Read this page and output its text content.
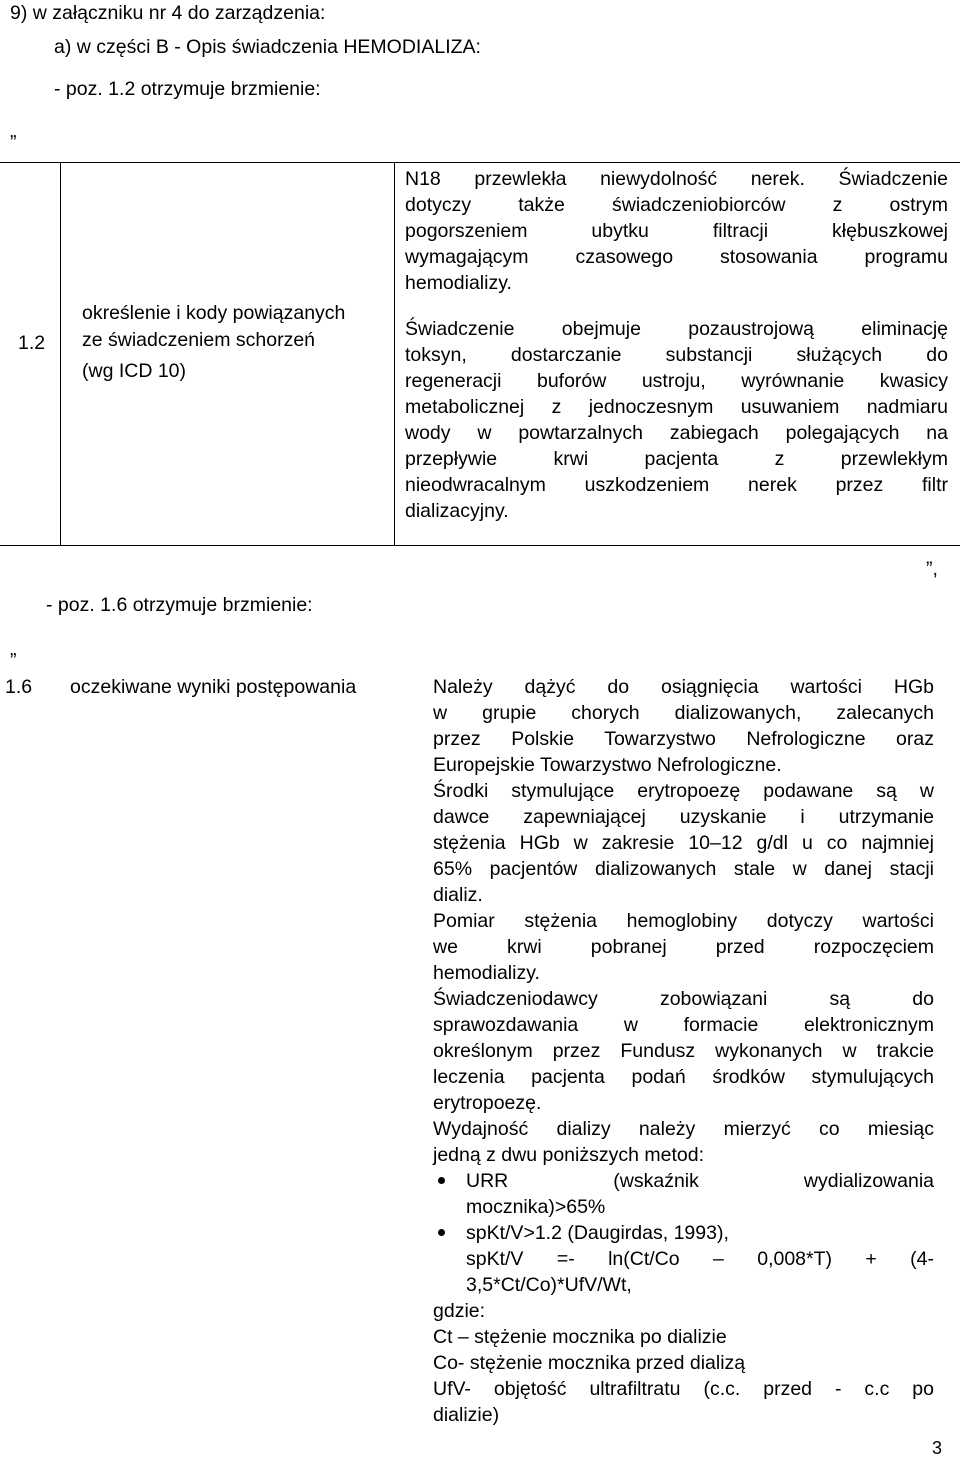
9) w załączniku nr 4 do zarządzenia:
a) w części B - Opis świadczenia HEMODIALIZA:
- poz. 1.2 otrzymuje brzmienie:
„
1.2
określenie i kody powiązanych
ze świadczeniem schorzeń
(wg ICD 10)
N18 przewlekła niewydolność nerek. Świadczenie
dotyczy także świadczeniobiorców z ostrym
pogorszeniem ubytku filtracji kłębuszkowej
wymagającym czasowego stosowania programu
hemodializy.
Świadczenie obejmuje pozaustrojową eliminację
toksyn, dostarczanie substancji służących do
regeneracji buforów ustroju, wyrównanie kwasicy
metabolicznej z jednoczesnym usuwaniem nadmiaru
wody w powtarzalnych zabiegach polegających na
przepływie krwi pacjenta z przewlekłym
nieodwracalnym uszkodzeniem nerek przez filtr
dializacyjny.
”,
- poz. 1.6 otrzymuje brzmienie:
„
1.6 oczekiwane wyniki postępowania	Należy dążyć do osiągnięcia wartości HGb
w grupie chorych dializowanych, zalecanych
przez Polskie Towarzystwo Nefrologiczne oraz
Europejskie Towarzystwo Nefrologiczne.
Środki stymulujące erytropoezę podawane są w
dawce zapewniającej uzyskanie i utrzymanie
stężenia HGb w zakresie 10–12 g/dl u co najmniej
65% pacjentów dializowanych stale w danej stacji
dializ.
Pomiar stężenia hemoglobiny dotyczy wartości
we krwi pobranej przed rozpoczęciem
hemodializy.
Świadczeniodawcy zobowiązani są do
sprawozdawania w formacie elektronicznym
określonym przez Fundusz wykonanych w trakcie
leczenia pacjenta podań środków stymulujących
erytropoezę.
Wydajność dializy należy mierzyć co miesiąc
jedną z dwu poniższych metod:
URR (wskaźnik wydializowania
mocznika)>65%
spKt/V>1.2 (Daugirdas, 1993),
spKt/V =- ln(Ct/Co – 0,008*T) + (4-
3,5*Ct/Co)*UfV/Wt,
gdzie:
Ct – stężenie mocznika po dializie
Co- stężenie mocznika przed dializą
UfV- objętość ultrafiltratu (c.c. przed - c.c po
dializie)
3
